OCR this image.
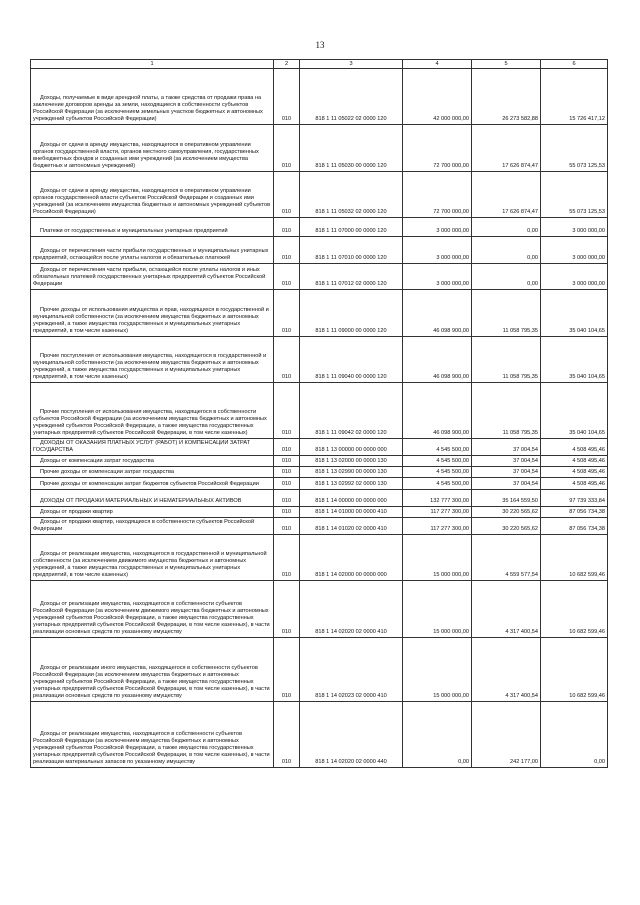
13
1	2	3	4	5	6
Доходы, получаемые в виде арендной платы, а также средства от продажи права на заключение договоров аренды за земли, находящиеся в собственности субъектов Российской Федерации (за исключением земельных участков бюджетных и автономных учреждений субъектов Российской Федерации)	010	818 1 11 05022 02 0000 120	42 000 000,00	26 273 582,88	15 726 417,12
Доходы от сдачи в аренду имущества, находящегося в оперативном управлении органов государственной власти, органов местного самоуправления, государственных внебюджетных фондов и созданных ими учреждений (за исключением имущества бюджетных и автономных учреждений)	010	818 1 11 05030 00 0000 120	72 700 000,00	17 626 874,47	55 073 125,53
Доходы от сдачи в аренду имущества, находящегося в оперативном управлении органов государственной власти субъектов Российской Федерации и созданных ими учреждений (за исключением имущества бюджетных и автономных учреждений субъектов Российской Федерации)	010	818 1 11 05032 02 0000 120	72 700 000,00	17 626 874,47	55 073 125,53
Платежи от государственных и муниципальных унитарных предприятий	010	818 1 11 07000 00 0000 120	3 000 000,00	0,00	3 000 000,00
Доходы от перечисления части прибыли государственных и муниципальных унитарных предприятий, остающейся после уплаты налогов и обязательных платежей	010	818 1 11 07010 00 0000 120	3 000 000,00	0,00	3 000 000,00
Доходы от перечисления части прибыли, остающейся после уплаты налогов и иных обязательных платежей государственных унитарных предприятий субъектов Российской Федерации	010	818 1 11 07012 02 0000 120	3 000 000,00	0,00	3 000 000,00
Прочие доходы от использования имущества и прав, находящихся в государственной и муниципальной собственности (за исключением имущества бюджетных и автономных учреждений, а также имущества государственных и муниципальных унитарных предприятий, в том числе казенных)	010	818 1 11 09000 00 0000 120	46 098 900,00	11 058 795,35	35 040 104,65
Прочие поступления от использования имущества, находящегося в государственной и муниципальной собственности (за исключением имущества бюджетных и автономных учреждений, а также имущества государственных и муниципальных унитарных предприятий, в том числе казенных)	010	818 1 11 09040 00 0000 120	46 098 900,00	11 058 795,35	35 040 104,65
Прочие поступления от использования имущества, находящегося в собственности субъектов Российской Федерации (за исключением имущества бюджетных и автономных учреждений субъектов Российской Федерации, а также имущества государственных унитарных предприятий субъектов Российской Федерации, в том числе казенных)	010	818 1 11 09042 02 0000 120	46 098 900,00	11 058 795,35	35 040 104,65
ДОХОДЫ ОТ ОКАЗАНИЯ ПЛАТНЫХ УСЛУГ (РАБОТ) И КОМПЕНСАЦИИ ЗАТРАТ ГОСУДАРСТВА	010	818 1 13 00000 00 0000 000	4 545 500,00	37 004,54	4 508 495,46
Доходы от компенсации затрат государства	010	818 1 13 02000 00 0000 130	4 545 500,00	37 004,54	4 508 495,46
Прочие доходы от компенсации затрат государства	010	818 1 13 02990 00 0000 130	4 545 500,00	37 004,54	4 508 495,46
Прочие доходы от компенсации затрат бюджетов субъектов Российской Федерации	010	818 1 13 02992 02 0000 130	4 545 500,00	37 004,54	4 508 495,46
ДОХОДЫ ОТ ПРОДАЖИ МАТЕРИАЛЬНЫХ И НЕМАТЕРИАЛЬНЫХ АКТИВОВ	010	818 1 14 00000 00 0000 000	132 777 300,00	35 164 559,50	97 739 333,84
Доходы от продажи квартир	010	818 1 14 01000 00 0000 410	117 277 300,00	30 220 565,62	87 056 734,38
Доходы от продажи квартир, находящихся в собственности субъектов Российской Федерации	010	818 1 14 01020 02 0000 410	117 277 300,00	30 220 565,62	87 056 734,38
Доходы от реализации имущества, находящегося в государственной и муниципальной собственности (за исключением движимого имущества бюджетных и автономных учреждений, а также имущества государственных и муниципальных унитарных предприятий, в том числе казенных)	010	818 1 14 02000 00 0000 000	15 000 000,00	4 559 577,54	10 682 599,46
Доходы от реализации имущества, находящегося в собственности субъектов Российской Федерации (за исключением движимого имущества бюджетных и автономных учреждений субъектов Российской Федерации, а также имущества государственных унитарных предприятий субъектов Российской Федерации, в том числе казенных), в части реализации основных средств по указанному имуществу	010	818 1 14 02020 02 0000 410	15 000 000,00	4 317 400,54	10 682 599,46
Доходы от реализации иного имущества, находящегося в собственности субъектов Российской Федерации (за исключением имущества бюджетных и автономных учреждений субъектов Российской Федерации, а также имущества государственных унитарных предприятий субъектов Российской Федерации, в том числе казенных), в части реализации основных средств по указанному имуществу	010	818 1 14 02023 02 0000 410	15 000 000,00	4 317 400,54	10 682 599,46
Доходы от реализации имущества, находящегося в собственности субъектов Российской Федерации (за исключением имущества бюджетных и автономных учреждений субъектов Российской Федерации, а также имущества государственных унитарных предприятий субъектов Российской Федерации, в том числе казенных), в части реализации материальных запасов по указанному имуществу	010	818 1 14 02020 02 0000 440	0,00	242 177,00	0,00
